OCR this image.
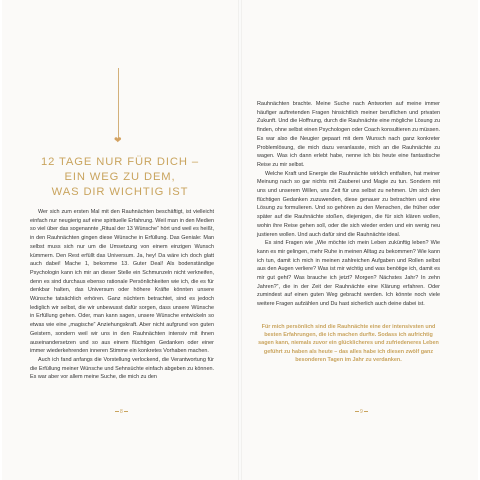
❤
12 TAGE NUR FÜR DICH –
EIN WEG ZU DEM,
WAS DIR WICHTIG IST

Wer sich zum ersten Mal mit den Rauhnächten beschäftigt, ist vielleicht einfach nur neugierig auf eine spirituelle Erfahrung. Weil man in den Medien so viel über das sogenannte „Ritual der 13 Wünsche“ hört und weil es heißt, in den Rauhnächten gingen diese Wünsche in Erfüllung. Das Geniale: Man selbst muss sich nur um die Umsetzung von einem einzigen Wunsch kümmern. Den Rest erfüllt das Universum. Ja, hey! Da wäre ich doch glatt auch dabei! Mache 1, bekomme 13. Guter Deal! Als bodenständige Psychologin kann ich mir an dieser Stelle ein Schmunzeln nicht verkneifen, denn es sind durchaus ebenso rationale Persönlichkeiten wie ich, die es für denkbar halten, das Universum oder höhere Kräfte könnten unsere Wünsche tatsächlich erhören. Ganz nüchtern betrachtet, sind es jedoch lediglich wir selbst, die wir unbewusst dafür sorgen, dass unsere Wünsche in Erfüllung gehen. Oder, man kann sagen, unsere Wünsche entwickeln so etwas wie eine „magische“ Anziehungskraft. Aber nicht aufgrund von guten Geistern, sondern weil wir uns in den Rauhnächten intensiv mit ihnen auseinandersetzen und so aus einem flüchtigen Gedanken oder einer immer wiederkehrenden inneren Stimme ein konkretes Vorhaben machen.

Auch ich fand anfangs die Vorstellung verlockend, die Verantwortung für die Erfüllung meiner Wünsche und Sehnsüchte einfach abgeben zu können. Es war aber vor allem meine Suche, die mich zu den

8

Rauhnächten brachte. Meine Suche nach Antworten auf meine immer häufiger auftretenden Fragen hinsichtlich meiner beruflichen und privaten Zukunft. Und die Hoffnung, durch die Rauhnächte eine mögliche Lösung zu finden, ohne selbst einen Psychologen oder Coach konsultieren zu müssen. Es war also die Neugier gepaart mit dem Wunsch nach ganz konkreter Problemlösung, die mich dazu veranlasste, mich an die Rauhnächte zu wagen. Was ich dann erlebt habe, nenne ich bis heute eine fantastische Reise zu mir selbst.

Welche Kraft und Energie die Rauhnächte wirklich entfalten, hat meiner Meinung nach so gar nichts mit Zauberei und Magie zu tun. Sondern mit uns und unserem Willen, uns Zeit für uns selbst zu nehmen. Um sich den flüchtigen Gedanken zuzuwenden, diese genauer zu betrachten und eine Lösung zu formulieren. Und so gehören zu den Menschen, die früher oder später auf die Rauhnächte stoßen, diejenigen, die für sich klären wollen, wohin ihre Reise gehen soll, oder die sich wieder erden und ein wenig neu justieren wollen. Und auch dafür sind die Rauhnächte ideal.

Es sind Fragen wie „Wie möchte ich mein Leben zukünftig leben? Wie kann es mir gelingen, mehr Ruhe in meinen Alltag zu bekommen? Wie kann ich tun, damit ich mich in meinen zahlreichen Aufgaben und Rollen selbst aus den Augen verliere? Was ist mir wichtig und was benötige ich, damit es mir gut geht? Was brauche ich jetzt? Morgen? Nächstes Jahr? In zehn Jahren?“, die in der Zeit der Rauhnächte eine Klärung erfahren. Oder zumindest auf einen guten Weg gebracht werden. Ich könnte noch viele weitere Fragen aufzählen und Du hast sicherlich auch deine dabei ist.

Für mich persönlich sind die Rauhnächte eine der intensivsten und besten Erfahrungen, die ich machen durfte. Sodass ich aufrichtig sagen kann, niemals zuvor ein glücklicheres und zufriedeneres Leben geführt zu haben als heute – das alles habe ich diesen zwölf ganz besonderen Tagen im Jahr zu verdanken.

9
